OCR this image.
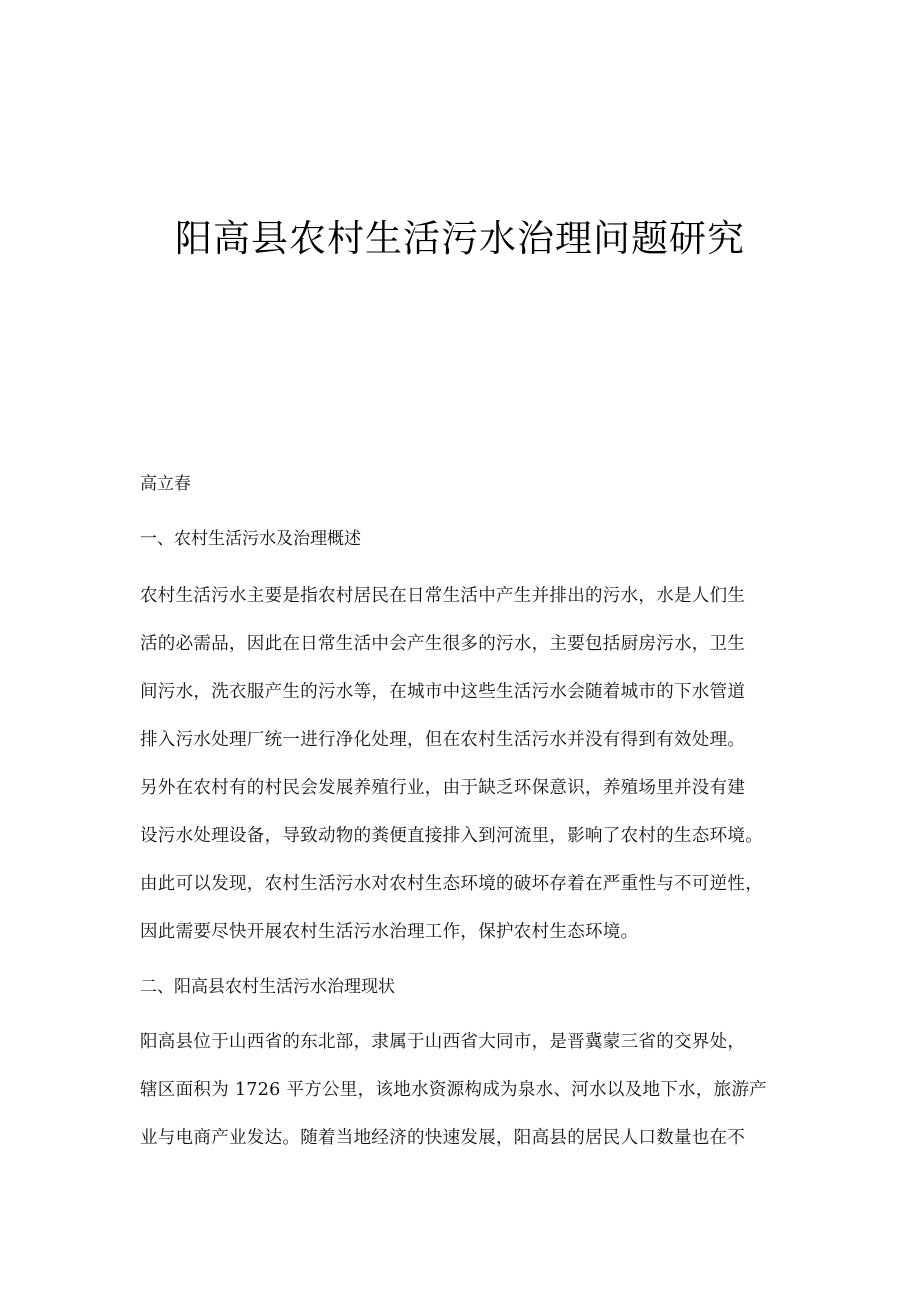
阳高县农村生活污水治理问题研究

高立春

一、农村生活污水及治理概述
农村生活污水主要是指农村居民在日常生活中产生并排出的污水，水是人们生
活的必需品，因此在日常生活中会产生很多的污水，主要包括厨房污水，卫生
间污水，洗衣服产生的污水等，在城市中这些生活污水会随着城市的下水管道
排入污水处理厂统一进行净化处理，但在农村生活污水并没有得到有效处理。
另外在农村有的村民会发展养殖行业，由于缺乏环保意识，养殖场里并没有建
设污水处理设备，导致动物的粪便直接排入到河流里，影响了农村的生态环境。
由此可以发现，农村生活污水对农村生态环境的破坏存着在严重性与不可逆性，
因此需要尽快开展农村生活污水治理工作，保护农村生态环境。
二、阳高县农村生活污水治理现状
阳高县位于山西省的东北部，隶属于山西省大同市，是晋冀蒙三省的交界处，
辖区面积为 1726 平方公里，该地水资源构成为泉水、河水以及地下水，旅游产
业与电商产业发达。随着当地经济的快速发展，阳高县的居民人口数量也在不
